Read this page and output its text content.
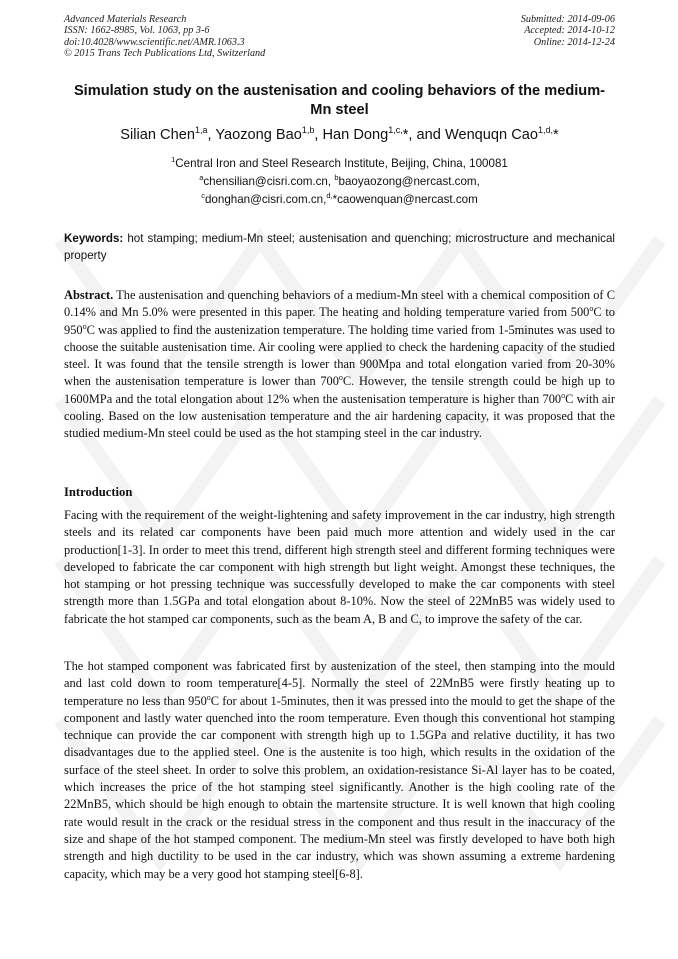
Advanced Materials Research
ISSN: 1662-8985, Vol. 1063, pp 3-6
doi:10.4028/www.scientific.net/AMR.1063.3
© 2015 Trans Tech Publications Ltd, Switzerland
Submitted: 2014-09-06
Accepted: 2014-10-12
Online: 2014-12-24
Simulation study on the austenisation and cooling behaviors of the medium-Mn steel
Silian Chen$^{1,a}$, Yaozong Bao$^{1,b}$, Han Dong$^{1,c,}$*, and Wenquqn Cao$^{1,d,}$*
$^1$Central Iron and Steel Research Institute, Beijing, China, 100081
$^a$chensilian@cisri.com.cn, $^b$baoyaozong@nercast.com,
$^c$donghan@cisri.com.cn,$^{d,}$*caowenquan@nercast.com

Keywords: hot stamping; medium-Mn steel; austenisation and quenching; microstructure and mechanical property

Abstract. The austenisation and quenching behaviors of a medium-Mn steel with a chemical composition of C 0.14% and Mn 5.0% were presented in this paper. The heating and holding temperature varied from 500$^o$C to 950$^o$C was applied to find the austenization temperature. The holding time varied from 1-5minutes was used to choose the suitable austenisation time. Air cooling were applied to check the hardening capacity of the studied steel. It was found that the tensile strength is lower than 900Mpa and total elongation varied from 20-30% when the austenisation temperature is lower than 700$^o$C. However, the tensile strength could be high up to 1600MPa and the total elongation about 12% when the austenisation temperature is higher than 700$^o$C with air cooling. Based on the low austenisation temperature and the air hardening capacity, it was proposed that the studied medium-Mn steel could be used as the hot stamping steel in the car industry.

Introduction

Facing with the requirement of the weight-lightening and safety improvement in the car industry, high strength steels and its related car components have been paid much more attention and widely used in the car production[1-3]. In order to meet this trend, different high strength steel and different forming techniques were developed to fabricate the car component with high strength but light weight. Amongst these techniques, the hot stamping or hot pressing technique was successfully developed to make the car components with steel strength more than 1.5GPa and total elongation about 8-10%. Now the steel of 22MnB5 was widely used to fabricate the hot stamped car components, such as the beam A, B and C, to improve the safety of the car.

The hot stamped component was fabricated first by austenization of the steel, then stamping into the mould and last cold down to room temperature[4-5]. Normally the steel of 22MnB5 were firstly heating up to temperature no less than 950$^o$C for about 1-5minutes, then it was pressed into the mould to get the shape of the component and lastly water quenched into the room temperature. Even though this conventional hot stamping technique can provide the car component with strength high up to 1.5GPa and relative ductility, it has two disadvantages due to the applied steel. One is the austenite is too high, which results in the oxidation of the surface of the steel sheet. In order to solve this problem, an oxidation-resistance Si-Al layer has to be coated, which increases the price of the hot stamping steel significantly. Another is the high cooling rate of the 22MnB5, which should be high enough to obtain the martensite structure. It is well known that high cooling rate would result in the crack or the residual stress in the component and thus result in the inaccuracy of the size and shape of the hot stamped component. The medium-Mn steel was firstly developed to have both high strength and high ductility to be used in the car industry, which was shown assuming a extreme hardening capacity, which may be a very good hot stamping steel[6-8].
